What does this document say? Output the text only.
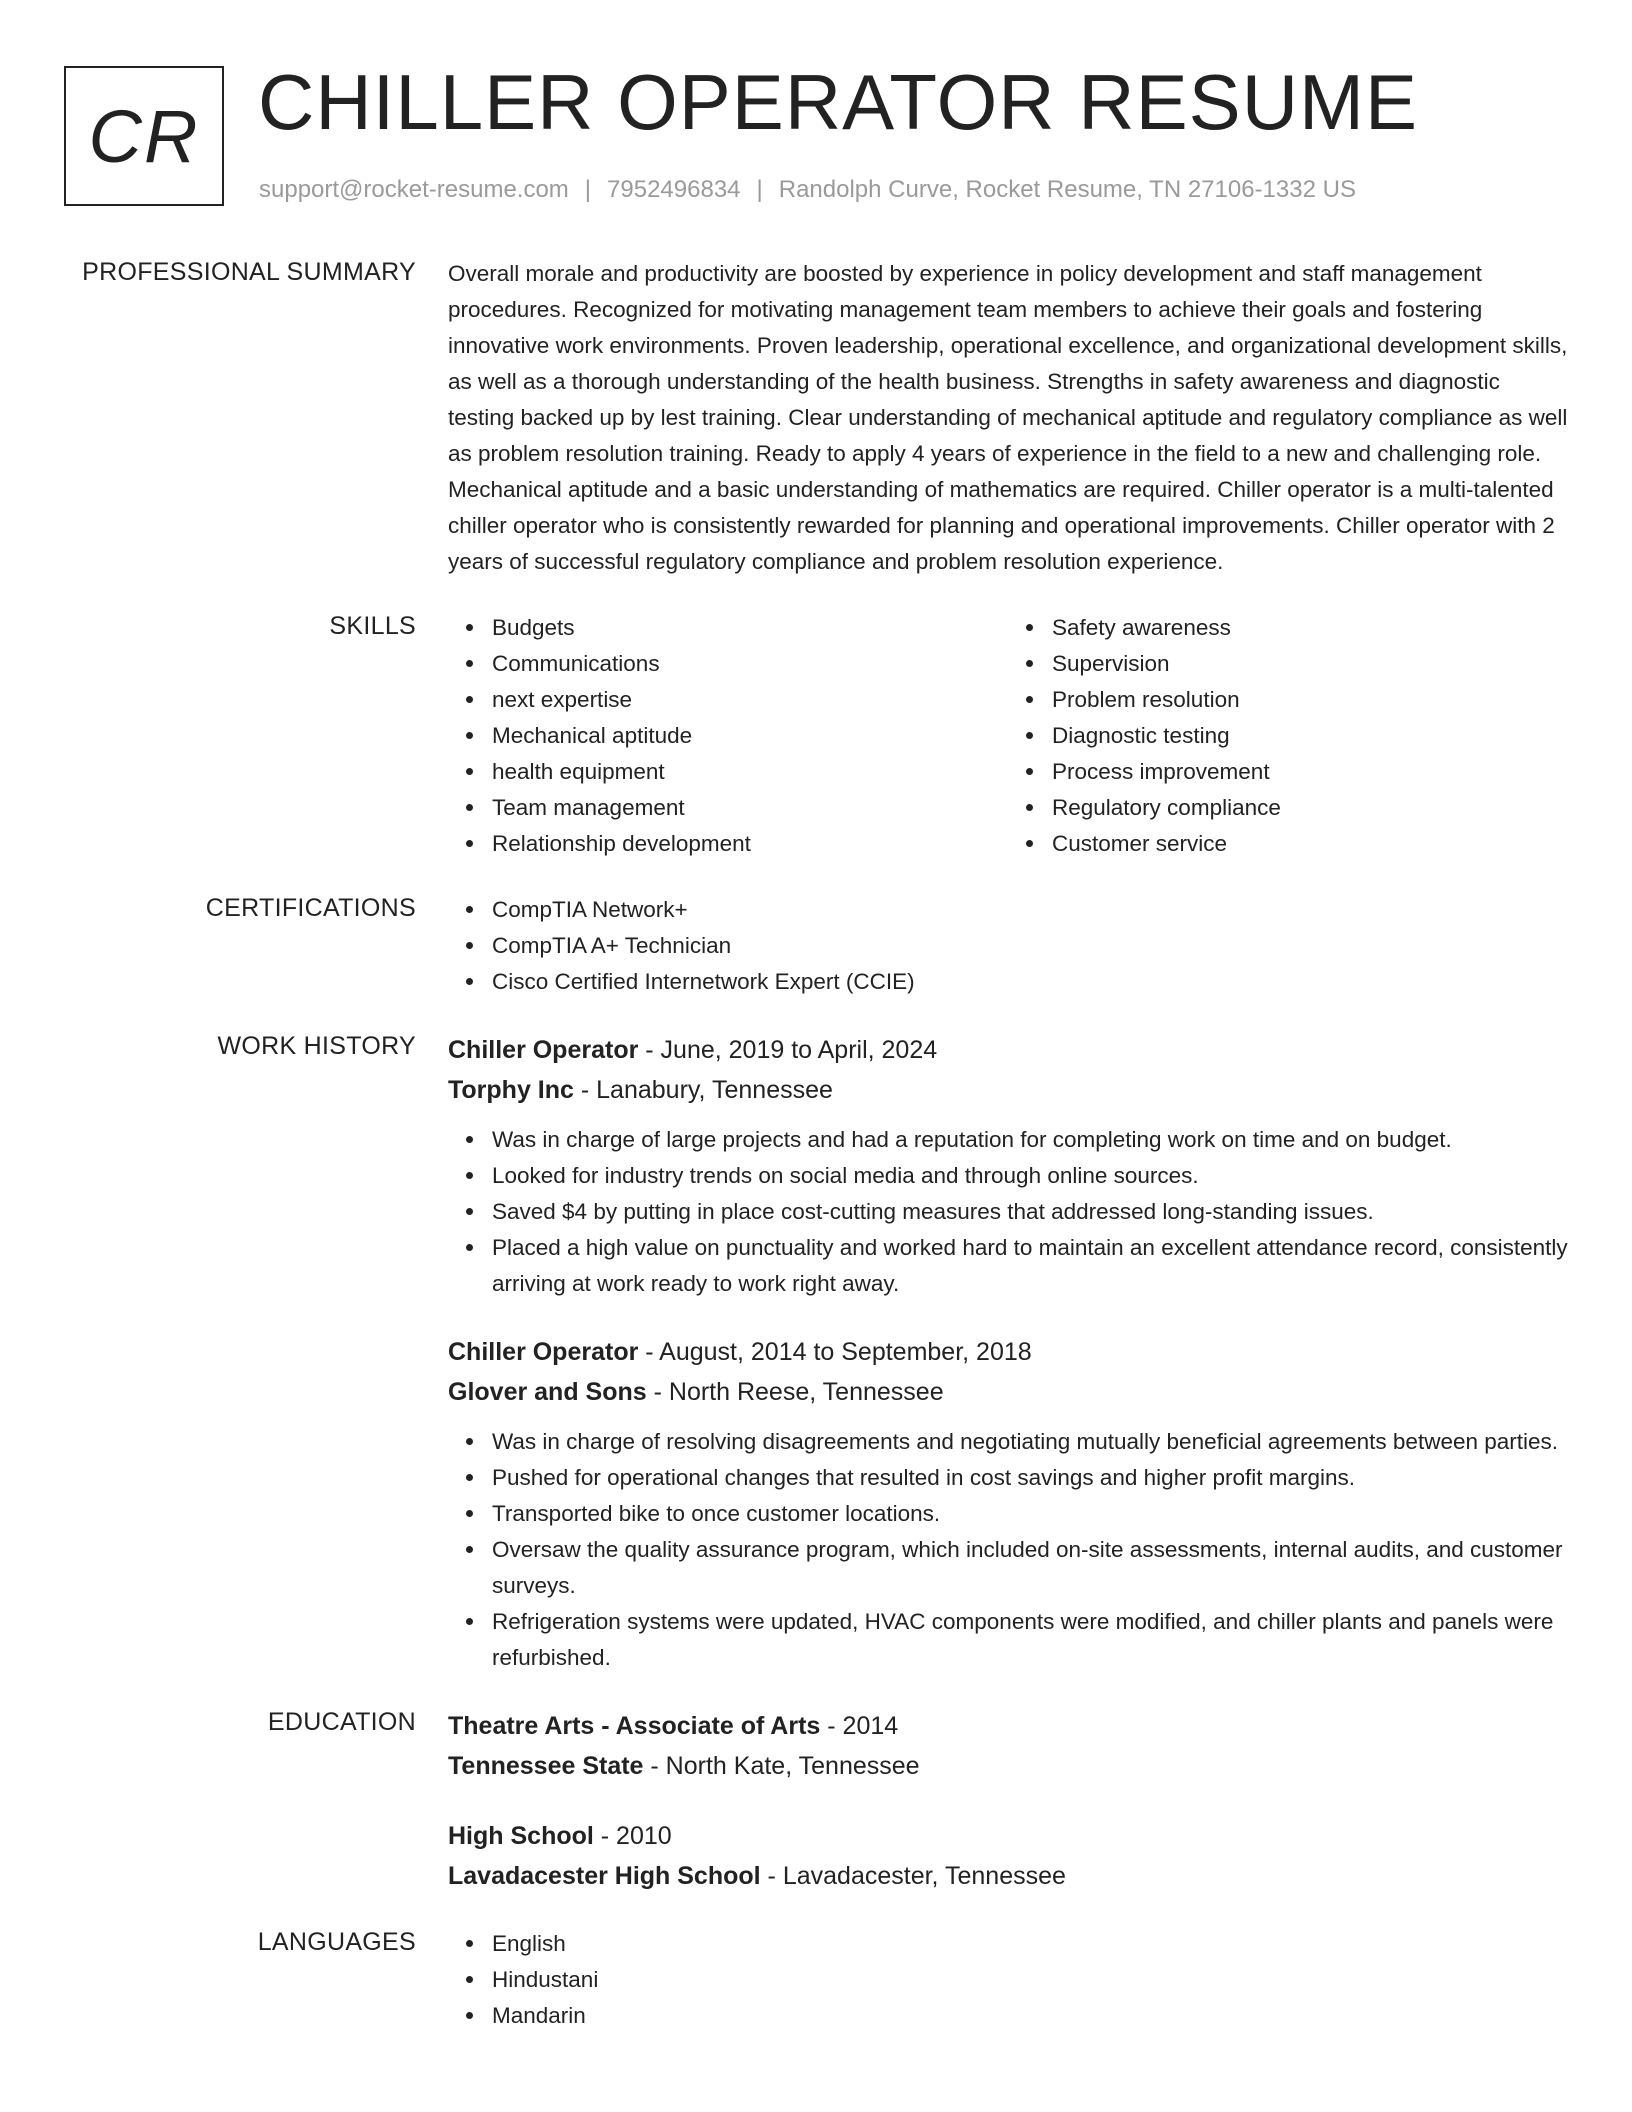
CR CHILLER OPERATOR RESUME
support@rocket-resume.com | 7952496834 | Randolph Curve, Rocket Resume, TN 27106-1332 US
PROFESSIONAL SUMMARY Overall morale and productivity are boosted by experience in policy development and staff management procedures. Recognized for motivating management team members to achieve their goals and fostering innovative work environments. Proven leadership, operational excellence, and organizational development skills, as well as a thorough understanding of the health business. Strengths in safety awareness and diagnostic testing backed up by lest training. Clear understanding of mechanical aptitude and regulatory compliance as well as problem resolution training. Ready to apply 4 years of experience in the field to a new and challenging role. Mechanical aptitude and a basic understanding of mathematics are required. Chiller operator is a multi-talented chiller operator who is consistently rewarded for planning and operational improvements. Chiller operator with 2 years of successful regulatory compliance and problem resolution experience.

SKILLS	Budgets
Communications
next expertise
Mechanical aptitude
health equipment
Team management
Relationship development
Safety awareness
Supervision
Problem resolution
Diagnostic testing
Process improvement
Regulatory compliance
Customer service
CERTIFICATIONS	CompTIA Network+
CompTIA A+ Technician
Cisco Certified Internetwork Expert (CCIE)
WORK HISTORY Chiller Operator - June, 2019 to April, 2024
Torphy Inc - Lanabury, Tennessee
Was in charge of large projects and had a reputation for completing work on time and on budget.
Looked for industry trends on social media and through online sources.
Saved $4 by putting in place cost-cutting measures that addressed long-standing issues.
Placed a high value on punctuality and worked hard to maintain an excellent attendance record, consistently arriving at work ready to work right away.
Chiller Operator - August, 2014 to September, 2018
Glover and Sons - North Reese, Tennessee
Was in charge of resolving disagreements and negotiating mutually beneficial agreements between parties.
Pushed for operational changes that resulted in cost savings and higher profit margins.
Transported bike to once customer locations.
Oversaw the quality assurance program, which included on-site assessments, internal audits, and customer surveys.
Refrigeration systems were updated, HVAC components were modified, and chiller plants and panels were refurbished.
EDUCATION Theatre Arts - Associate of Arts - 2014
Tennessee State - North Kate, Tennessee
High School - 2010
Lavadacester High School - Lavadacester, Tennessee
LANGUAGES	English
Hindustani
Mandarin
